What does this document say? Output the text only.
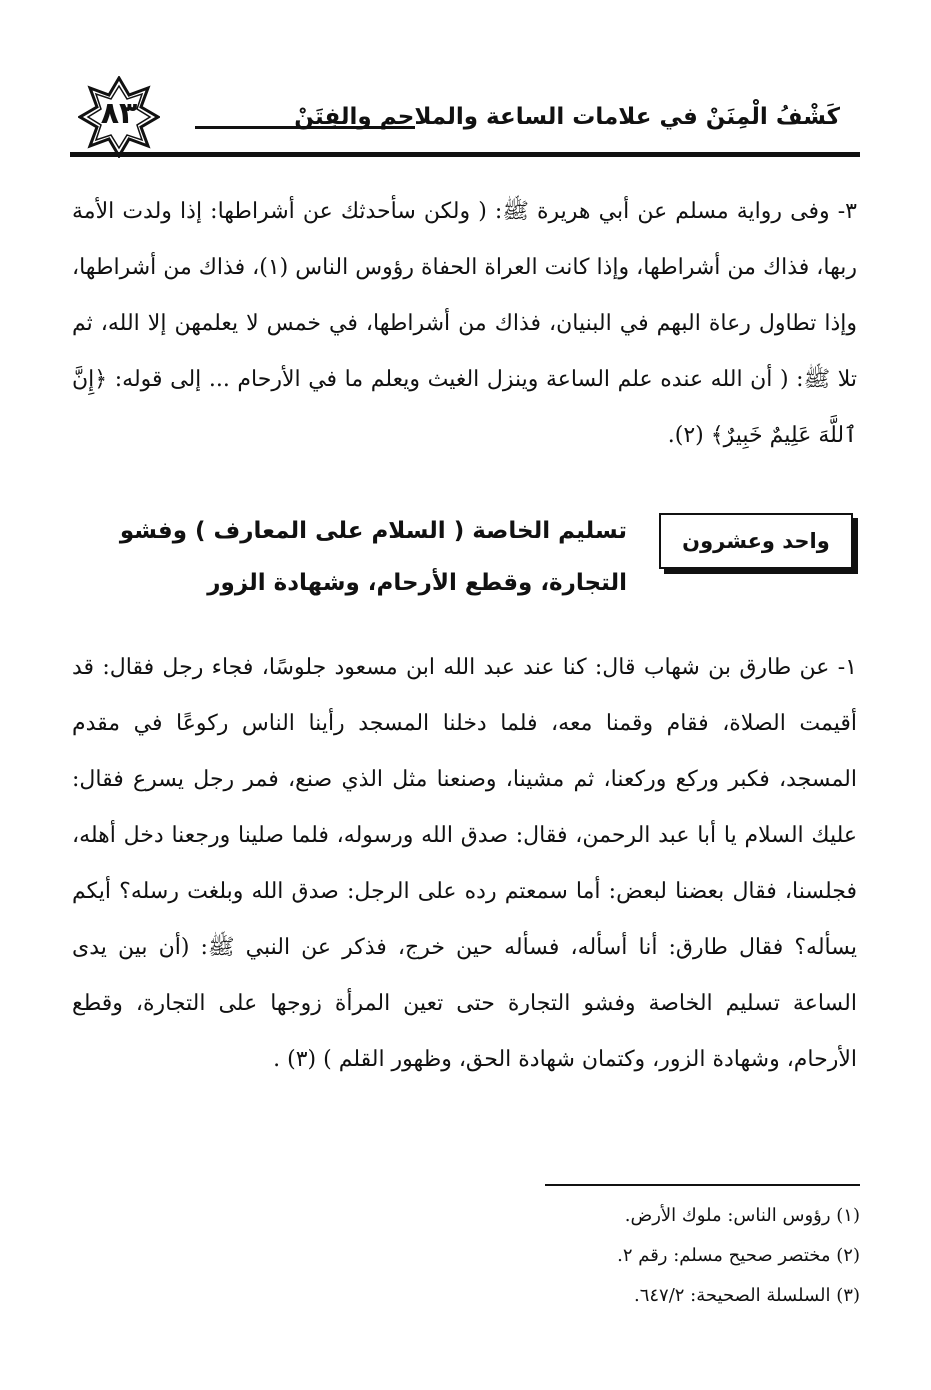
٨٣	كَشْفُ الْمِنَنْ في علامات الساعة والملاحم والفِتَنْ
٣- وفى رواية مسلم عن أبي هريرة ﷺ: ( ولكن سأحدثك عن أشراطها: إذا ولدت الأمة ربها، فذاك من أشراطها، وإذا كانت العراة الحفاة رؤوس الناس (١)، فذاك من أشراطها، وإذا تطاول رعاة البهم في البنيان، فذاك من أشراطها، في خمس لا يعلمهن إلا الله، ثم تلا ﷺ: ( أن الله عنده علم الساعة وينزل الغيث ويعلم ما في الأرحام ... إلى قوله: ﴿إِنَّ ٱللَّهَ عَلِيمٌ خَبِيرٌ﴾ (٢).
واحد وعشرون
تسليم الخاصة ( السلام على المعارف ) وفشو التجارة، وقطع الأرحام، وشهادة الزور
١- عن طارق بن شهاب قال: كنا عند عبد الله ابن مسعود جلوسًا، فجاء رجل فقال: قد أقيمت الصلاة، فقام وقمنا معه، فلما دخلنا المسجد رأينا الناس ركوعًا في مقدم المسجد، فكبر وركع وركعنا، ثم مشينا، وصنعنا مثل الذي صنع، فمر رجل يسرع فقال: عليك السلام يا أبا عبد الرحمن، فقال: صدق الله ورسوله، فلما صلينا ورجعنا دخل أهله، فجلسنا، فقال بعضنا لبعض: أما سمعتم رده على الرجل: صدق الله وبلغت رسله؟ أيكم يسأله؟ فقال طارق: أنا أسأله، فسأله حين خرج، فذكر عن النبي ﷺ: (أن بين يدى الساعة تسليم الخاصة وفشو التجارة حتى تعين المرأة زوجها على التجارة، وقطع الأرحام، وشهادة الزور، وكتمان شهادة الحق، وظهور القلم ) (٣) .
(١) رؤوس الناس: ملوك الأرض.
(٢) مختصر صحيح مسلم: رقم ٢.
(٣) السلسلة الصحيحة: ٦٤٧/٢.
